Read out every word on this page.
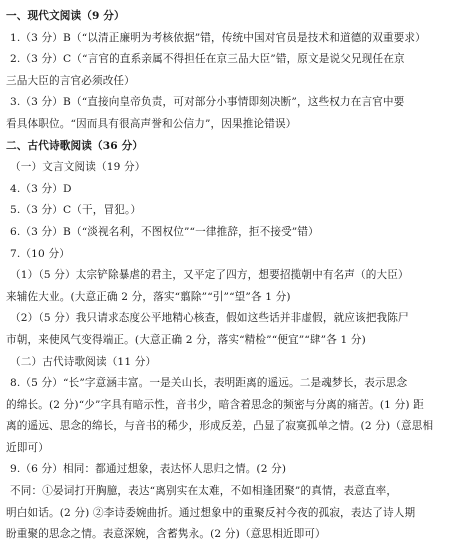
一、现代文阅读（9 分）
1.（3 分）B（“以清正廉明为考核依据”错，传统中国对官员是技术和道德的双重要求）
2.（3 分）C（“言官的直系亲属不得担任在京三品大臣”错，原文是说父兄现任在京
三品大臣的言官必须改任）
3.（3 分）B（“直接向皇帝负责，可对部分小事情即刻决断”，这些权力在言官中要
看具体职位。“因而具有很高声誉和公信力”，因果推论错误）
二、古代诗歌阅读（36 分）
（一）文言文阅读（19 分）
4.（3 分）D
5.（3 分）C（干，冒犯。）
6.（3 分）B（“淡视名利，不图权位”“一律推辞，拒不接受”错）
7.（10 分）
（1）（5 分）太宗铲除暴虐的君主，又平定了四方，想要招揽朝中有名声（的大臣）
来辅佐大业。(大意正确 2 分，落实“翦除”“引”“望”各 1 分)
（2）（5 分）我只请求态度公平地精心核查，假如这些话并非虚假，就应该把我陈尸
市朝，来使风气变得端正。(大意正确 2 分，落实“精检”“便宜”“肆”各 1 分)
（二）古代诗歌阅读（11 分）
8.（5 分）“长”字意涵丰富。一是关山长，表明距离的遥远。二是魂梦长，表示思念
的绵长。(2 分)“少”字具有暗示性，音书少，暗含着思念的频密与分离的痛苦。(1 分) 距
离的遥远、思念的绵长，与音书的稀少，形成反差，凸显了寂寞孤单之情。(2 分)（意思相
近即可）
9.（6 分）相同：都通过想象，表达怀人思归之情。(2 分)
不同：①晏词打开胸臆，表达“离别实在太难，不如相逢团聚”的真情，表意直率，
明白如话。(2 分) ②李诗委婉曲折。通过想象中的重聚反衬今夜的孤寂，表达了诗人期
盼重聚的思念之情。表意深婉，含蓄隽永。(2 分)（意思相近即可）
